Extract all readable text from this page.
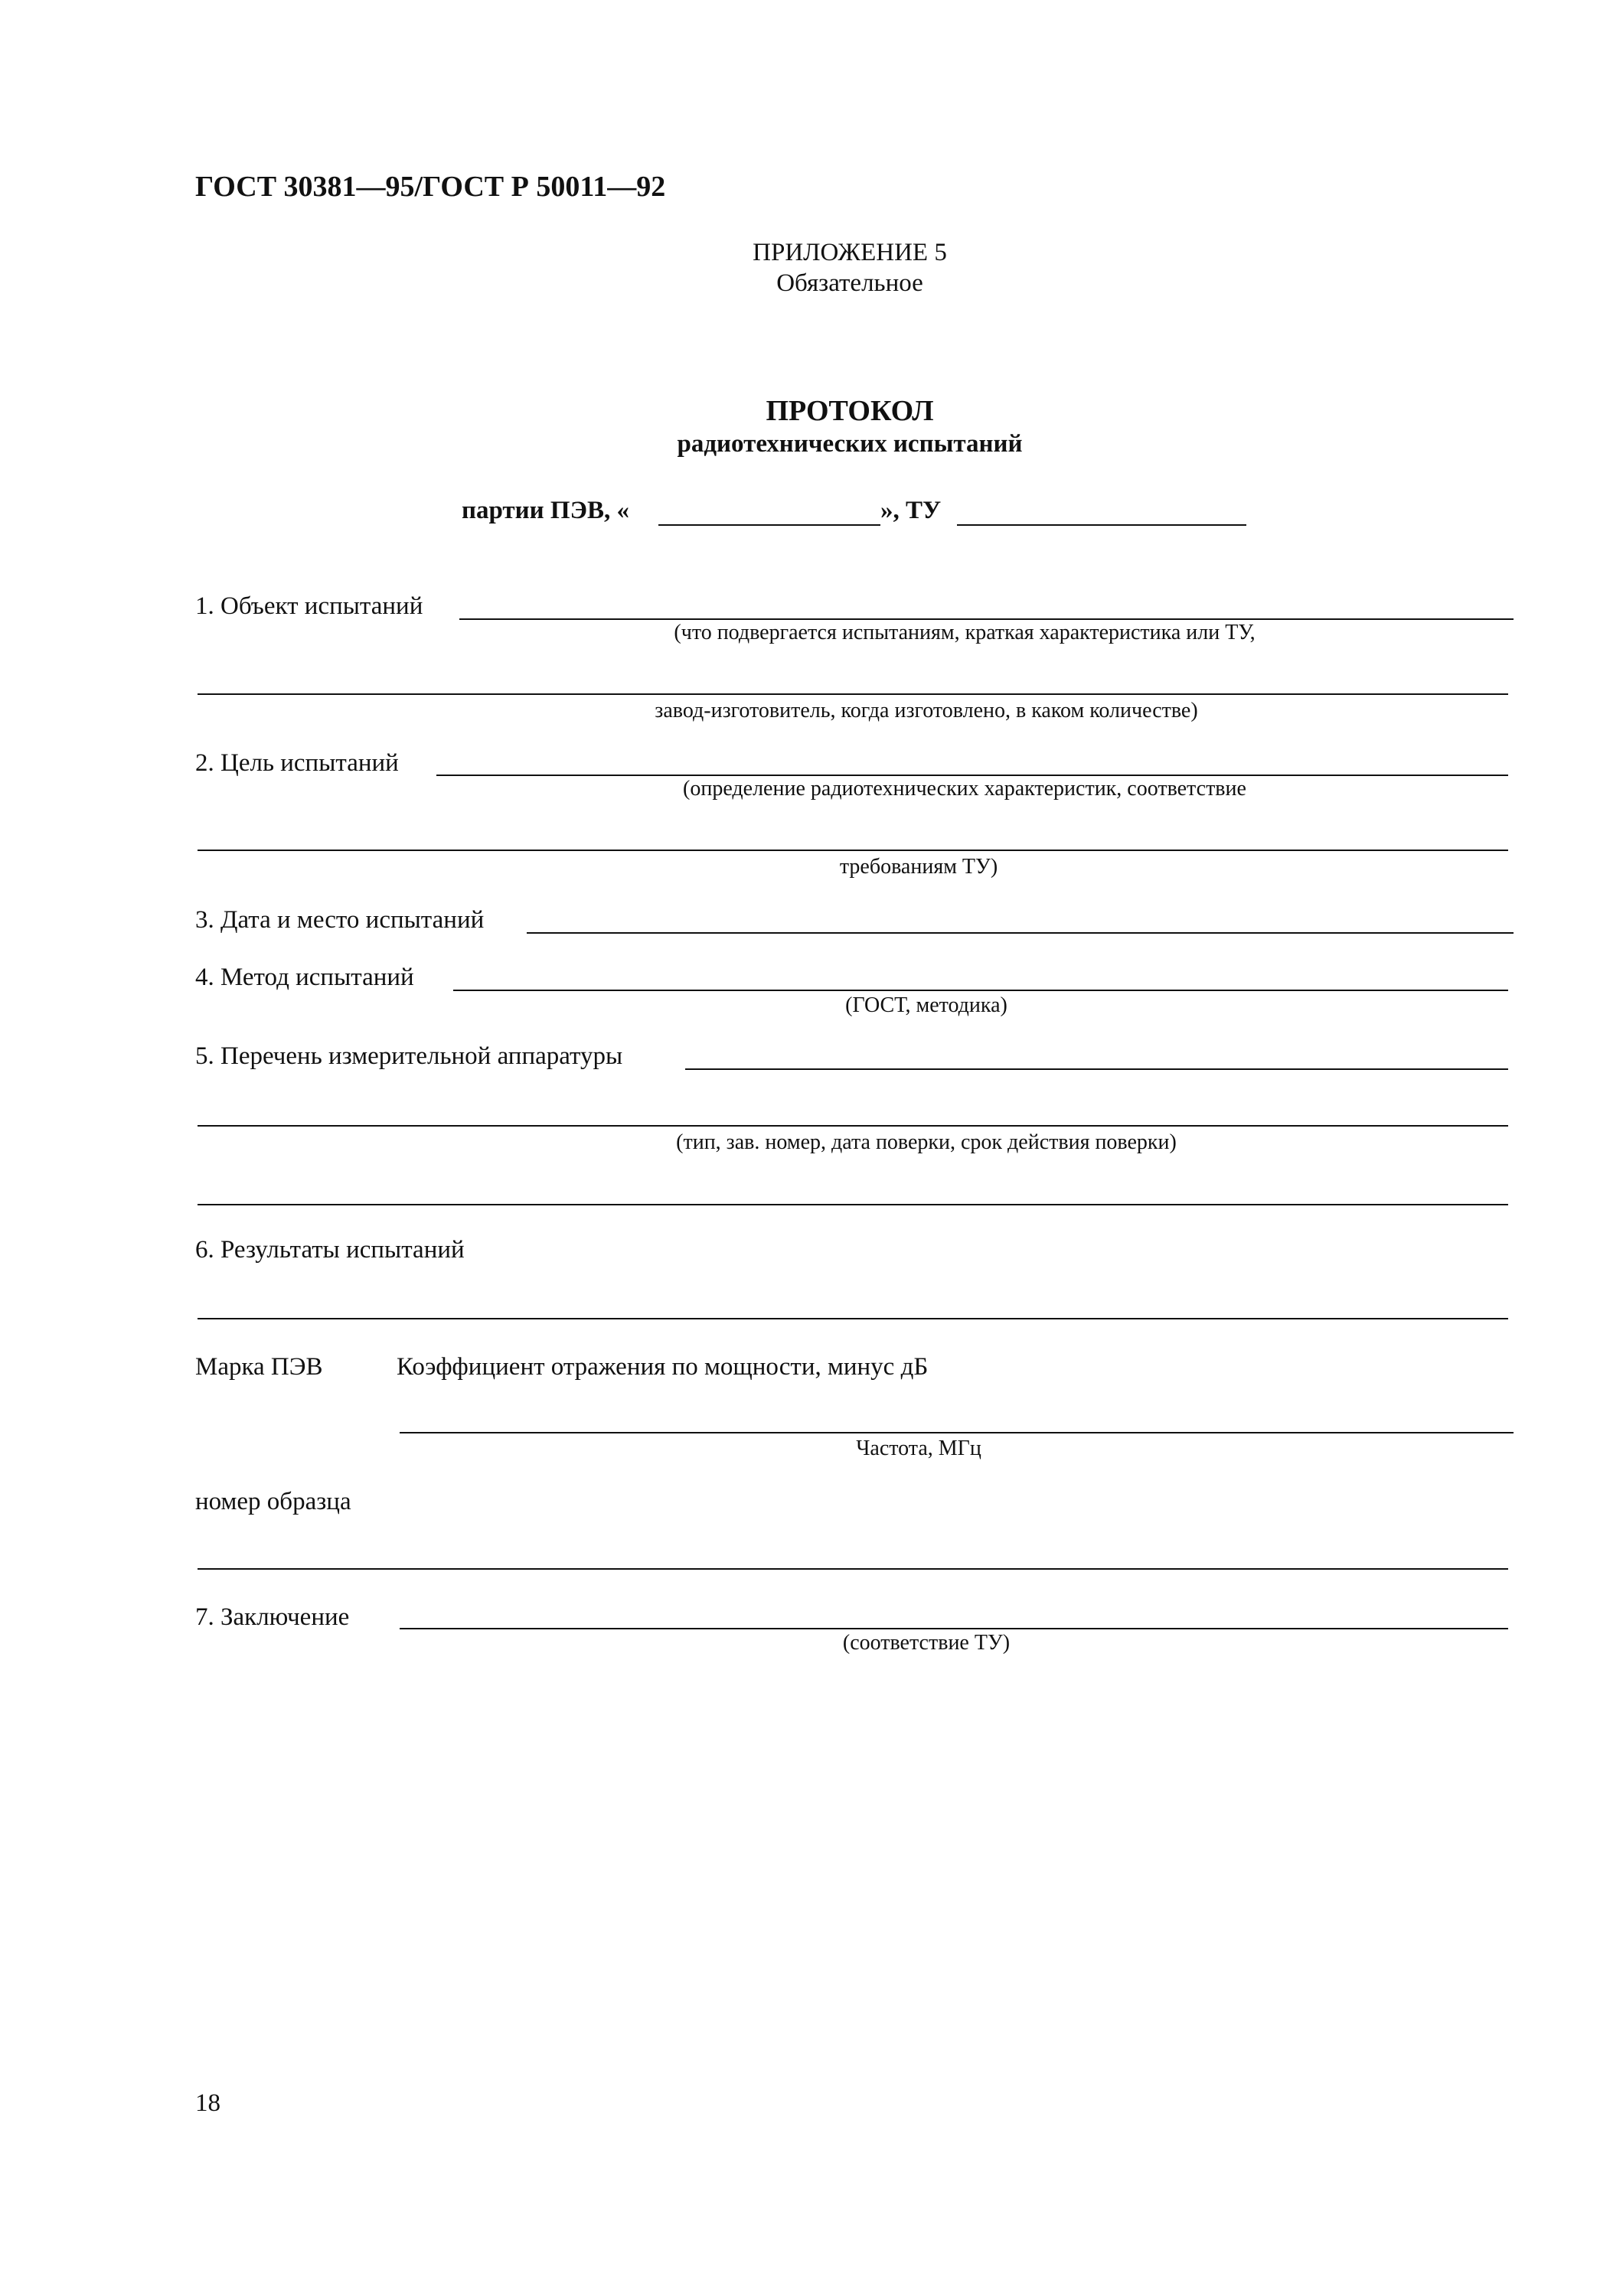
ГОСТ 30381—95/ГОСТ Р 50011—92
ПРИЛОЖЕНИЕ 5
Обязательное
ПРОТОКОЛ
радиотехнических испытаний
партии ПЭВ, «	», ТУ
1. Объект испытаний
(что подвергается испытаниям, краткая характеристика или ТУ,
завод-изготовитель, когда изготовлено, в каком количестве)
2. Цель испытаний
(определение радиотехнических характеристик, соответствие
требованиям ТУ)
3. Дата и место испытаний
4. Метод испытаний
(ГОСТ, методика)
5. Перечень измерительной аппаратуры
(тип, зав. номер, дата поверки, срок действия поверки)
6. Результаты испытаний
Марка ПЭВ	Коэффициент отражения по мощности, минус дБ
Частота, МГц
номер образца
7. Заключение
(соответствие ТУ)
18
